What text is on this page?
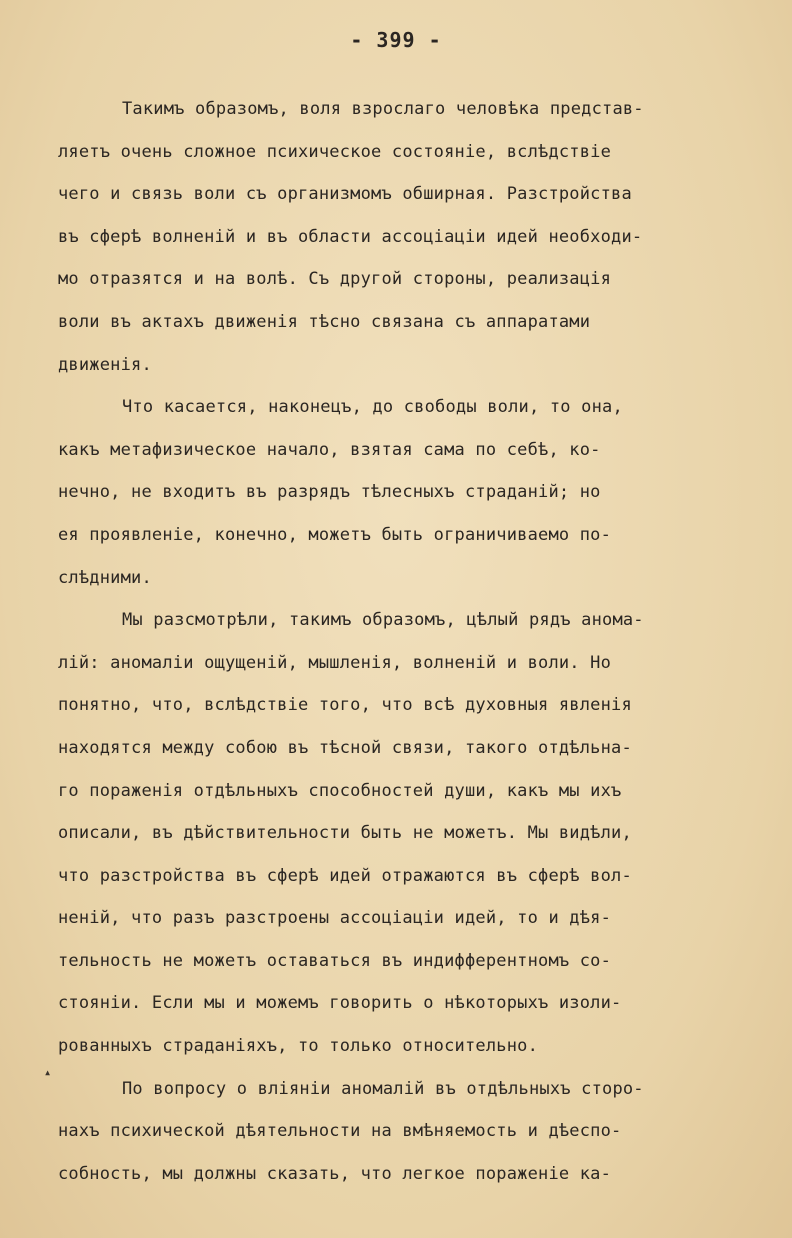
- 399 -
▴
Такимъ образомъ, воля взрослаго человѣка представ-
ляетъ очень сложное психическое состоянiе, вслѣдствiе
чего и связь воли съ организмомъ обширная. Разстройства
въ сферѣ волненiй и въ области ассоцiацiи идей необходи-
мо отразятся и на волѣ. Съ другой стороны, реализацiя
воли въ актахъ движенiя тѣсно связана съ аппаратами
движенiя.
Что касается, наконецъ, до свободы воли, то она,
какъ метафизическое начало, взятая сама по себѣ, ко-
нечно, не входитъ въ разрядъ тѣлесныхъ страданiй; но
ея проявленiе, конечно, можетъ быть ограничиваемо по-
слѣдними.
Мы разсмотрѣли, такимъ образомъ, цѣлый рядъ анома-
лiй: аномалiи ощущенiй, мышленiя, волненiй и воли. Но
понятно, что, вслѣдствiе того, что всѣ духовныя явленiя
находятся между собою въ тѣсной связи, такого отдѣльна-
го пораженiя отдѣльныхъ способностей души, какъ мы ихъ
описали, въ дѣйствительности быть не можетъ. Мы видѣли,
что разстройства въ сферѣ идей отражаются въ сферѣ вол-
ненiй, что разъ разстроены ассоцiацiи идей, то и дѣя-
тельность не можетъ оставаться въ индифферентномъ со-
стоянiи. Если мы и можемъ говорить о нѣкоторыхъ изоли-
рованныхъ страданiяхъ, то только относительно.
По вопросу о влiянiи аномалiй въ отдѣльныхъ сторо-
нахъ психической дѣятельности на вмѣняемость и дѣеспо-
собность, мы должны сказать, что легкое пораженiе ка-
